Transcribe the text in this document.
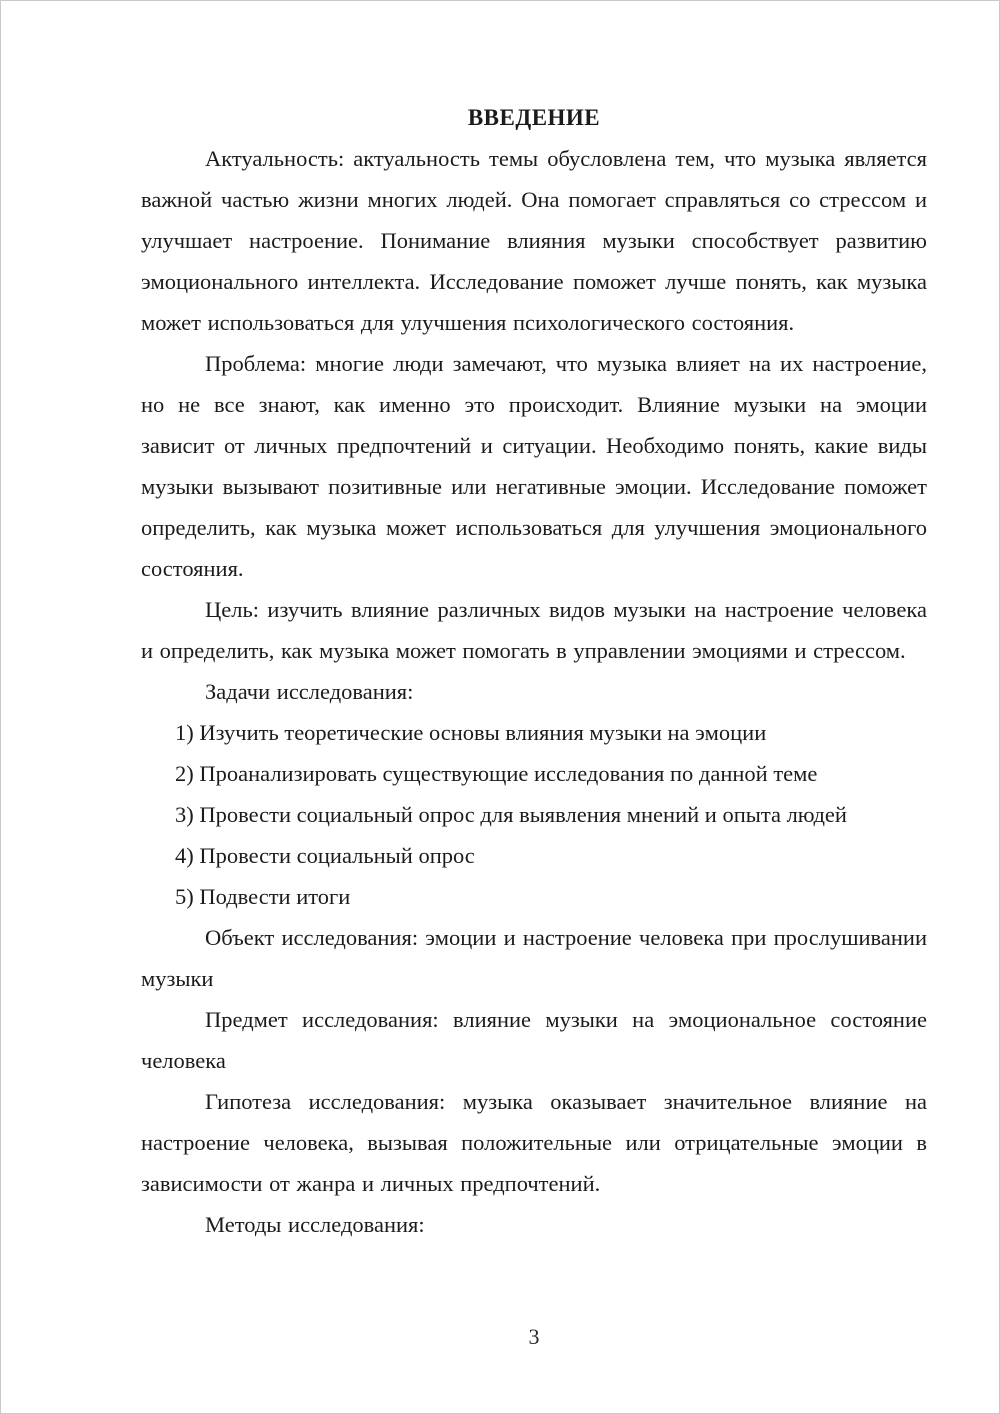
ВВЕДЕНИЕ

Актуальность: актуальность темы обусловлена тем, что музыка является важной частью жизни многих людей. Она помогает справляться со стрессом и улучшает настроение. Понимание влияния музыки способствует развитию эмоционального интеллекта. Исследование поможет лучше понять, как музыка может использоваться для улучшения психологического состояния.

Проблема: многие люди замечают, что музыка влияет на их настроение, но не все знают, как именно это происходит. Влияние музыки на эмоции зависит от личных предпочтений и ситуации. Необходимо понять, какие виды музыки вызывают позитивные или негативные эмоции. Исследование поможет определить, как музыка может использоваться для улучшения эмоционального состояния.

Цель: изучить влияние различных видов музыки на настроение человека и определить, как музыка может помогать в управлении эмоциями и стрессом.

Задачи исследования:

1) Изучить теоретические основы влияния музыки на эмоции

2) Проанализировать существующие исследования по данной теме

3) Провести социальный опрос для выявления мнений и опыта людей

4) Провести социальный опрос

5) Подвести итоги

Объект исследования: эмоции и настроение человека при прослушивании музыки

Предмет исследования: влияние музыки на эмоциональное состояние человека

Гипотеза исследования: музыка оказывает значительное влияние на настроение человека, вызывая положительные или отрицательные эмоции в зависимости от жанра и личных предпочтений.

Методы исследования:

3
